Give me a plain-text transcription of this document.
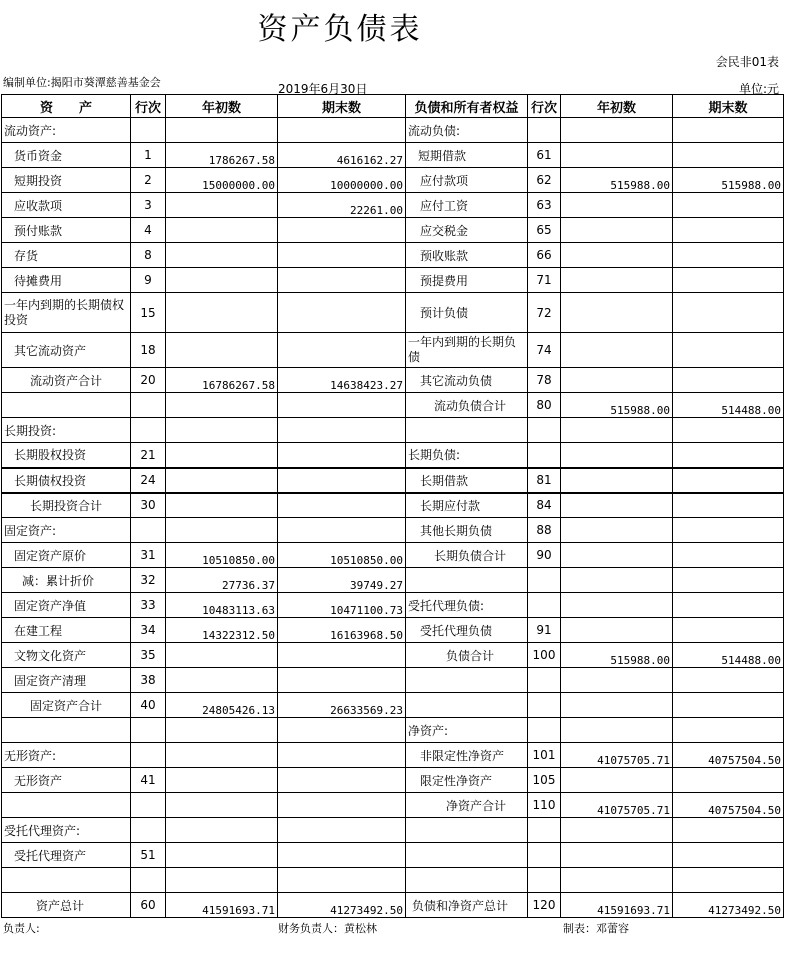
资产负债表
会民非01表
编制单位:揭阳市葵潭慈善基金会	2019年6月30日	单位:元
资　　产	行次	年初数	期末数	负债和所有者权益	行次	年初数	期末数
流动资产:				流动负债:			
货币资金	1	1786267.58	4616162.27	短期借款	61		
短期投资	2	15000000.00	10000000.00	应付款项	62	515988.00	515988.00
应收款项	3		22261.00	应付工资	63		
预付账款	4			应交税金	65		
存货	8			预收账款	66		
待摊费用	9			预提费用	71		
一年内到期的长期债权投资	15			预计负债	72		
其它流动资产	18			一年内到期的长期负债	74		
流动资产合计	20	16786267.58	14638423.27	其它流动负债	78		
				流动负债合计	80	515988.00	514488.00
长期投资:							
长期股权投资	21			长期负债:			
长期债权投资	24			长期借款	81		
长期投资合计	30			长期应付款	84		
固定资产:				其他长期负债	88		
固定资产原价	31	10510850.00	10510850.00	长期负债合计	90		
减：累计折价	32	27736.37	39749.27				
固定资产净值	33	10483113.63	10471100.73	受托代理负债:			
在建工程	34	14322312.50	16163968.50	受托代理负债	91		
文物文化资产	35			负债合计	100	515988.00	514488.00
固定资产清理	38						
固定资产合计	40	24805426.13	26633569.23				
				净资产:			
无形资产:				非限定性净资产	101	41075705.71	40757504.50
无形资产	41			限定性净资产	105		
				净资产合计	110	41075705.71	40757504.50
受托代理资产:							
受托代理资产	51						

资产总计	60	41591693.71	41273492.50	负债和净资产总计	120	41591693.71	41273492.50
负责人:	财务负责人：黄松林	制表：邓蕾容
